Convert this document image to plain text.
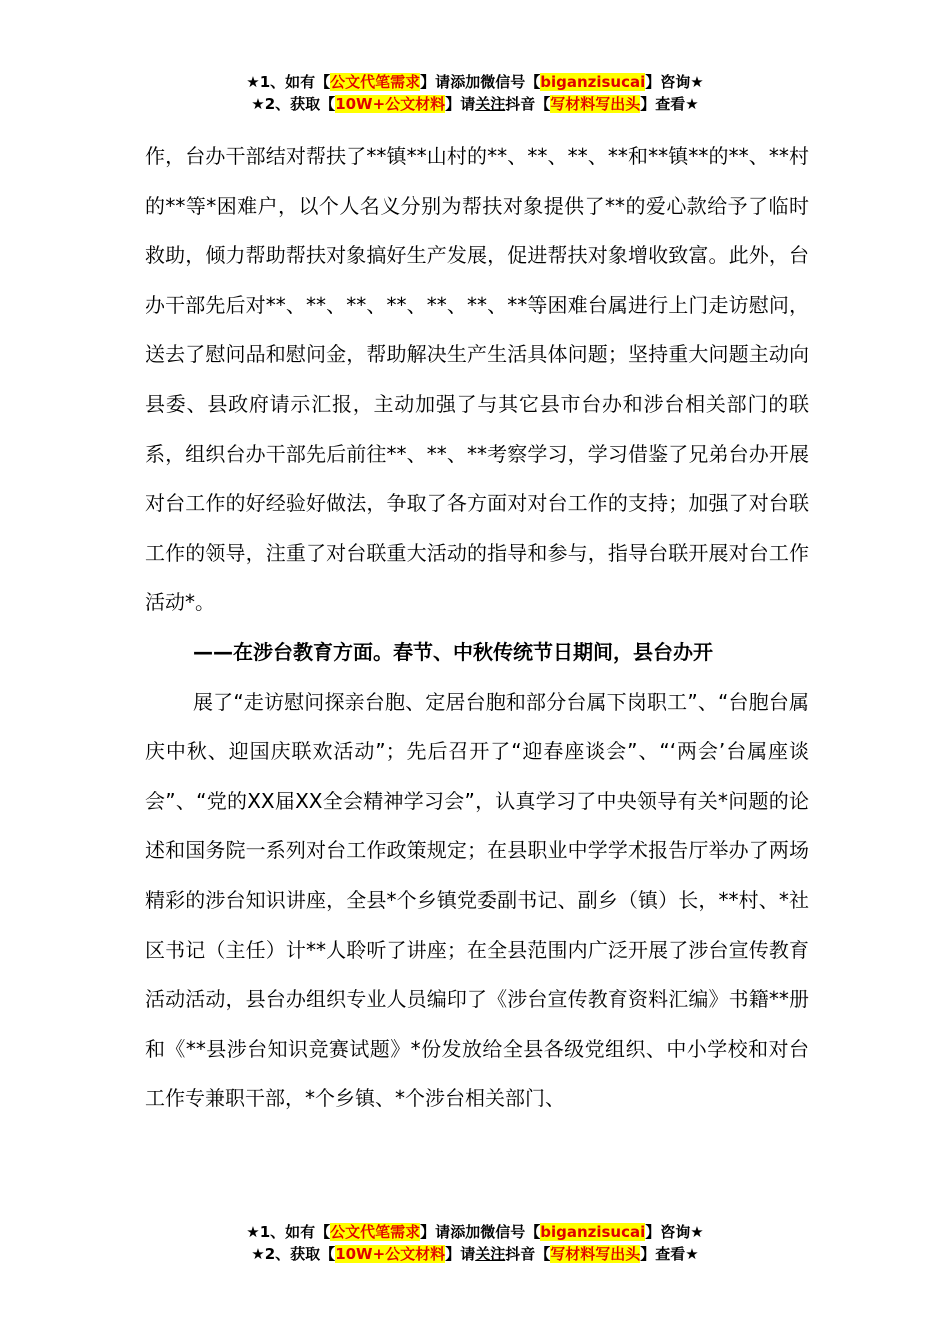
★1、如有【公文代笔需求】请添加微信号【biganzisucai】咨询★
★2、获取【10W+公文材料】请关注抖音【写材料写出头】查看★

作，台办干部结对帮扶了**镇**山村的**、**、**、**和**镇**的**、**村的**等*困难户，以个人名义分别为帮扶对象提供了**的爱心款给予了临时救助，倾力帮助帮扶对象搞好生产发展，促进帮扶对象增收致富。此外，台办干部先后对**、**、**、**、**、**、**等困难台属进行上门走访慰问，送去了慰问品和慰问金，帮助解决生产生活具体问题；坚持重大问题主动向县委、县政府请示汇报，主动加强了与其它县市台办和涉台相关部门的联系，组织台办干部先后前往**、**、**考察学习，学习借鉴了兄弟台办开展对台工作的好经验好做法，争取了各方面对对台工作的支持；加强了对台联工作的领导，注重了对台联重大活动的指导和参与，指导台联开展对台工作活动*。

——在涉台教育方面。春节、中秋传统节日期间，县台办开

展了“走访慰问探亲台胞、定居台胞和部分台属下岗职工”、“台胞台属庆中秋、迎国庆联欢活动”；先后召开了“迎春座谈会”、“‘两会’台属座谈会”、“党的XX届XX全会精神学习会”，认真学习了中央领导有关*问题的论述和国务院一系列对台工作政策规定；在县职业中学学术报告厅举办了两场精彩的涉台知识讲座，全县*个乡镇党委副书记、副乡（镇）长，**村、*社区书记（主任）计**人聆听了讲座；在全县范围内广泛开展了涉台宣传教育活动活动，县台办组织专业人员编印了《涉台宣传教育资料汇编》书籍**册和《**县涉台知识竞赛试题》*份发放给全县各级党组织、中小学校和对台工作专兼职干部，*个乡镇、*个涉台相关部门、

★1、如有【公文代笔需求】请添加微信号【biganzisucai】咨询★
★2、获取【10W+公文材料】请关注抖音【写材料写出头】查看★
